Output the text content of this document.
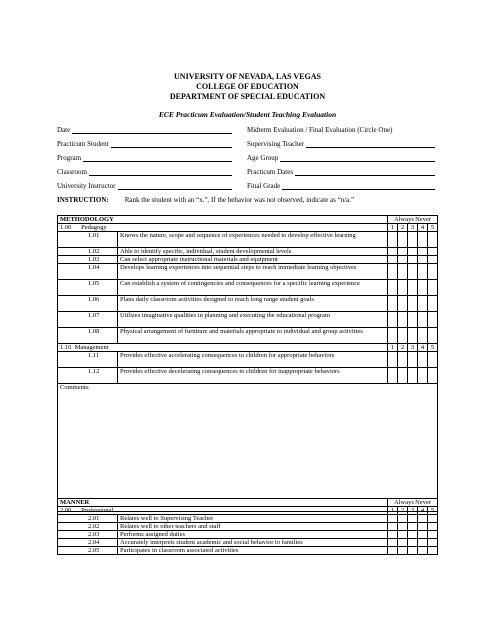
UNIVERSITY OF NEVADA, LAS VEGAS
COLLEGE OF EDUCATION
DEPARTMENT OF SPECIAL EDUCATION
ECE Practicum Evaluation/Student Teaching Evaluation
Date
Practicum Student
Program
Classroom
University Instructor
Midterm Evaluation / Final Evaluation (Circle One)
Supervising Teacher
Age Group
Practicum Dates
Final Grade
INSTRUCTION: Rank the student with an “x.”. If the behavior was not observed, indicate as “n/a.”
METHODOLOGY		Always Never				

1.00 Pedagogy		1	2	3	4	5
1.01	Knows the nature, scope and sequence of experiences needed to develop effective learning					
1.02	Able to identify specific, individual, student developmental levels					
1.03	Can select appropriate instructional materials and equipment					
1.04	Develops learning experiences into sequential steps to reach immediate learning objectives					
1.05	Can establish a system of contingencies and consequences for a specific learning experience					
1.06	Plans daily classroom activities designed to reach long range student goals					
1.07	Utilizes imaginative qualities in planning and executing the educational program					
1.08	Physical arrangement of furniture and materials appropriate to individual and group activities					
1.10 Management		1	2	3	4	5
1.11	Provides effective accelerating consequences to children for appropriate behaviors					
1.12	Provides effective decelerating consequences to children for inappropriate behaviors					
Comments:						
MANNER		Always Never				

2.00 Professional		1	2	3	4	5
2.01	Relates well to Supervising Teacher					
2.02	Relates well to other teachers and staff					
2.03	Performs assigned duties					
2.04	Accurately interprets student academic and social behavior to families					
2.05	Participates in classroom associated activities					
